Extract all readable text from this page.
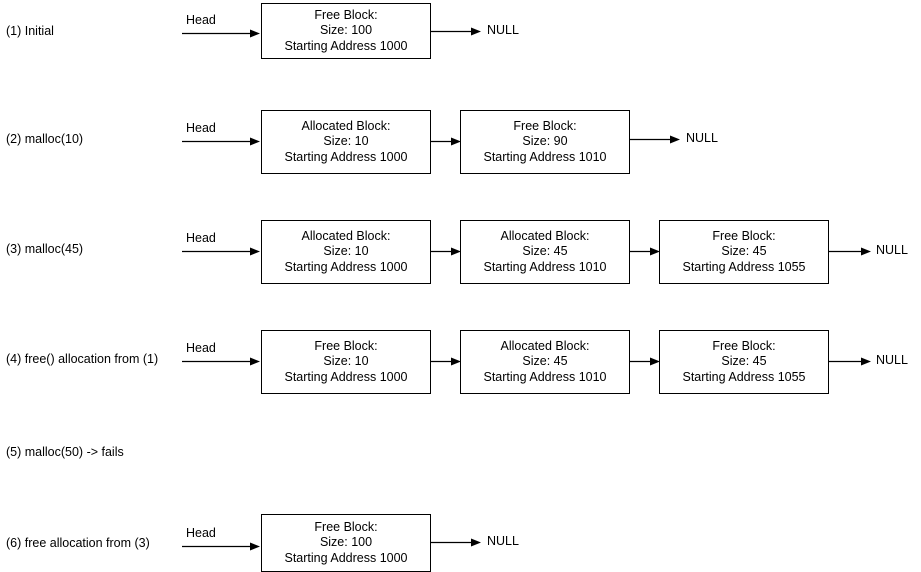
(1) Initial
Head	Free Block:
Size: 100
Starting Address 1000
NULL
(2) malloc(10)
Head	Allocated Block:
Size: 10
Starting Address 1000
Free Block:
Size: 90
Starting Address 1010
NULL
(3) malloc(45)
Head	Allocated Block:
Size: 10
Starting Address 1000
Allocated Block:
Size: 45
Starting Address 1010
Free Block:
Size: 45
Starting Address 1055
NULL
(4) free() allocation from (1)
Head	Free Block:
Size: 10
Starting Address 1000
Allocated Block:
Size: 45
Starting Address 1010
Free Block:
Size: 45
Starting Address 1055
NULL
(5) malloc(50) -> fails
(6) free allocation from (3)
Head	Free Block:
Size: 100
Starting Address 1000
NULL
